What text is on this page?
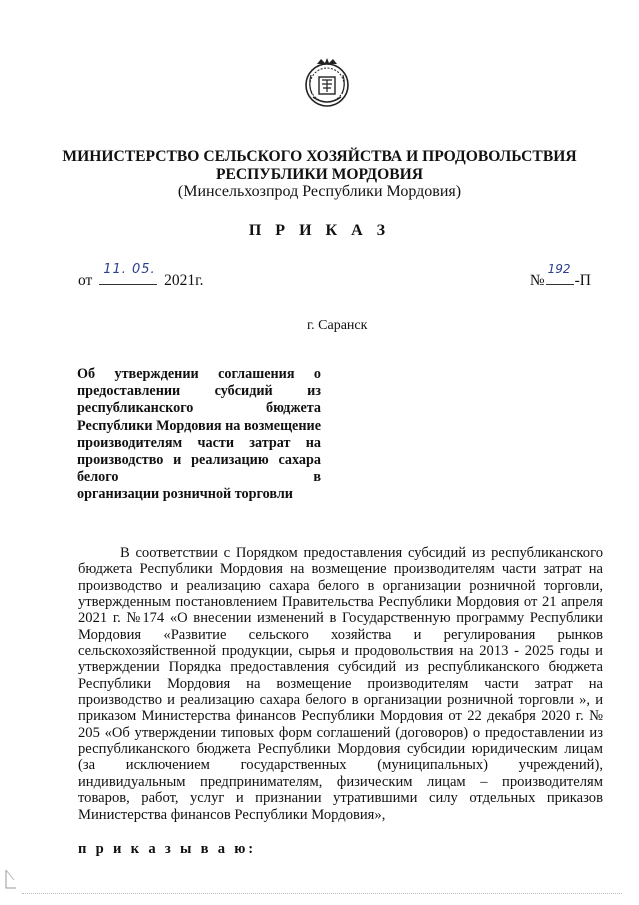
МИНИСТЕРСТВО СЕЛЬСКОГО ХОЗЯЙСТВА И ПРОДОВОЛЬСТВИЯ РЕСПУБЛИКИ МОРДОВИЯ
(Минсельхозпрод Республики Мордовия)
П Р И К А З
от
11. 05.
2021г.	№
192
-П
г. Саранск
Об утверждении соглашения о предоставлении субсидий из республиканского бюджета Республики Мордовия на возмещение производителям части затрат на производство и реализацию сахара белого в
организации розничной торговли
В соответствии с Порядком предоставления субсидий из республиканского бюджета Республики Мордовия на возмещение производителям части затрат на производство и реализацию сахара белого в организации розничной торговли, утвержденным постановлением Правительства Республики Мордовия от 21 апреля 2021 г. №174 «О внесении изменений в Государственную программу Республики Мордовия «Развитие сельского хозяйства и регулирования рынков сельскохозяйственной продукции, сырья и продовольствия на 2013 - 2025 годы и утверждении Порядка предоставления субсидий из республиканского бюджета Республики Мордовия на возмещение производителям части затрат на производство и реализацию сахара белого в организации розничной торговли », и приказом Министерства финансов Республики Мордовия от 22 декабря 2020 г. № 205 «Об утверждении типовых форм соглашений (договоров) о предоставлении из республиканского бюджета Республики Мордовия субсидии юридическим лицам (за исключением государственных (муниципальных) учреждений), индивидуальным предпринимателям, физическим лицам – производителям товаров, работ, услуг и признании утратившими силу отдельных приказов Министерства финансов Республики Мордовия»,
п р и к а з ы в а ю:
